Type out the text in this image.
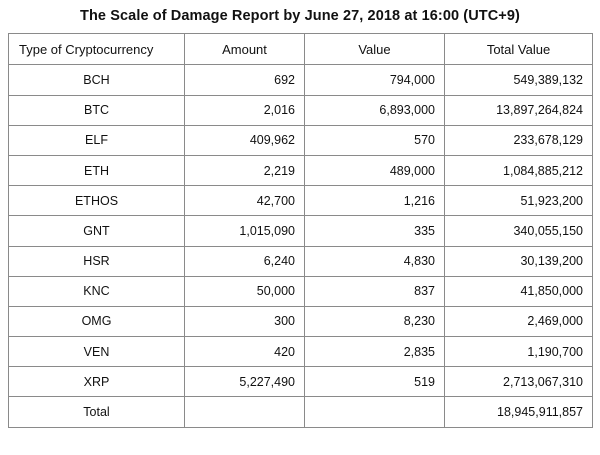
The Scale of Damage Report by June 27, 2018 at 16:00 (UTC+9)
Type of Cryptocurrency	Amount	Value	Total Value
BCH	692	794,000	549,389,132
BTC	2,016	6,893,000	13,897,264,824
ELF	409,962	570	233,678,129
ETH	2,219	489,000	1,084,885,212
ETHOS	42,700	1,216	51,923,200
GNT	1,015,090	335	340,055,150
HSR	6,240	4,830	30,139,200
KNC	50,000	837	41,850,000
OMG	300	8,230	2,469,000
VEN	420	2,835	1,190,700
XRP	5,227,490	519	2,713,067,310
Total			18,945,911,857
